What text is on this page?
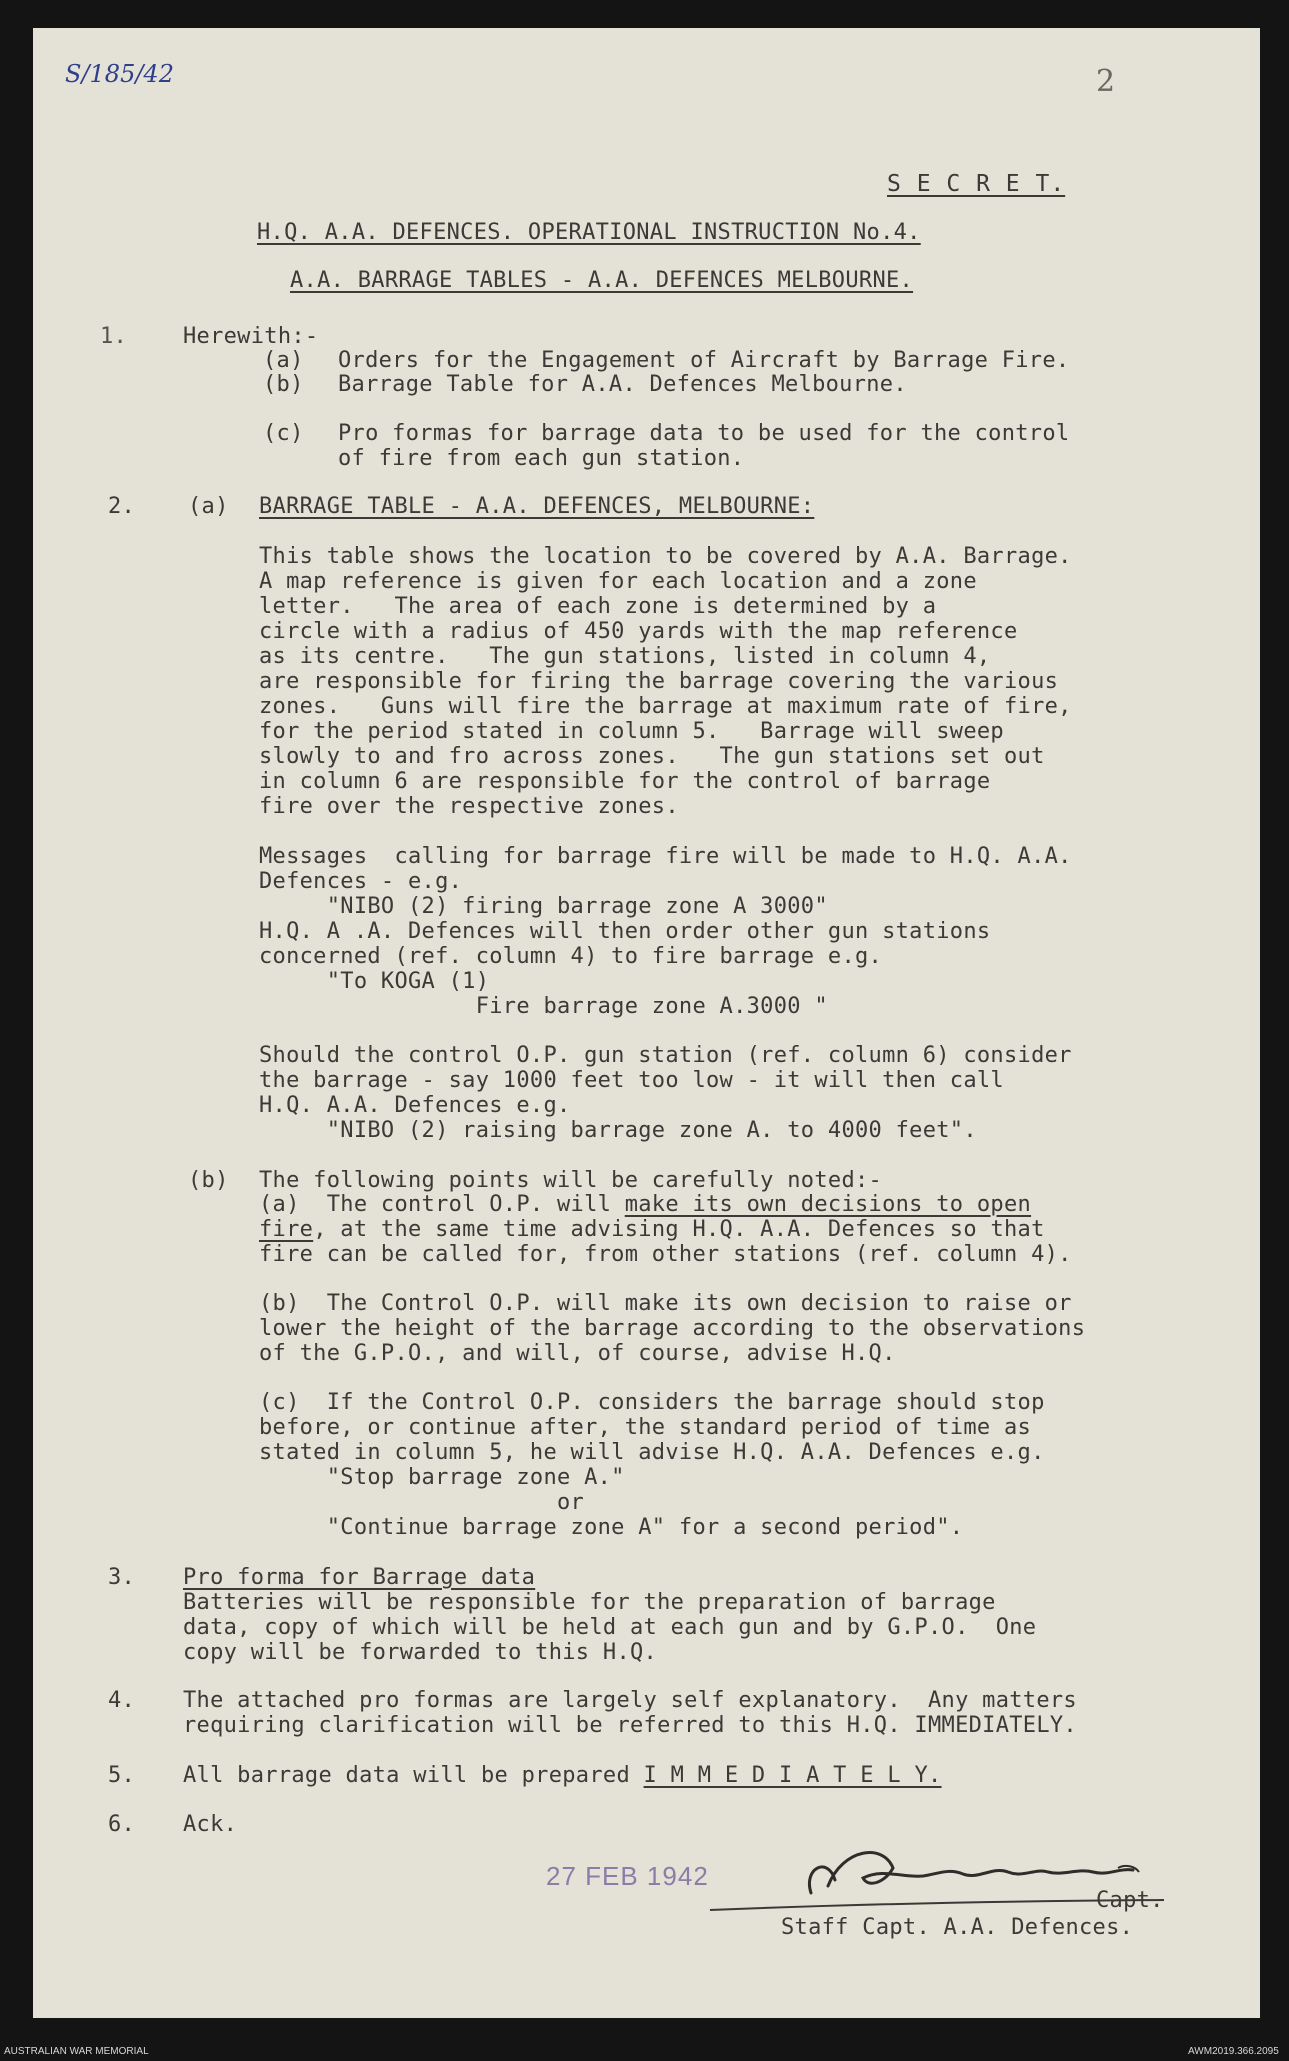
S/185/42	2
S E C R E T.
H.Q. A.A. DEFENCES. OPERATIONAL INSTRUCTION No.4.
A.A. BARRAGE TABLES - A.A. DEFENCES MELBOURNE.
1.	Herewith:-
(a) Orders for the Engagement of Aircraft by Barrage Fire.
(b) Barrage Table for A.A. Defences Melbourne.
(c) Pro formas for barrage data to be used for the control
of fire from each gun station.
2. (a) BARRAGE TABLE - A.A. DEFENCES, MELBOURNE:
This table shows the location to be covered by A.A. Barrage.
A map reference is given for each location and a zone
letter.   The area of each zone is determined by a
circle with a radius of 450 yards with the map reference
as its centre.   The gun stations, listed in column 4,
are responsible for firing the barrage covering the various
zones.   Guns will fire the barrage at maximum rate of fire,
for the period stated in column 5.   Barrage will sweep
slowly to and fro across zones.   The gun stations set out
in column 6 are responsible for the control of barrage
fire over the respective zones.
Messages  calling for barrage fire will be made to H.Q. A.A.
Defences - e.g.
"NIBO (2) firing barrage zone A 3000"
H.Q. A .A. Defences will then order other gun stations
concerned (ref. column 4) to fire barrage e.g.
"To KOGA (1)
Fire barrage zone A.3000 "
Should the control O.P. gun station (ref. column 6) consider
the barrage - say 1000 feet too low - it will then call
H.Q. A.A. Defences e.g.
"NIBO (2) raising barrage zone A. to 4000 feet".
(b) The following points will be carefully noted:-
(a)  The control O.P. will make its own decisions to open
fire, at the same time advising H.Q. A.A. Defences so that
fire can be called for, from other stations (ref. column 4).
(b)  The Control O.P. will make its own decision to raise or
lower the height of the barrage according to the observations
of the G.P.O., and will, of course, advise H.Q.
(c)  If the Control O.P. considers the barrage should stop
before, or continue after, the standard period of time as
stated in column 5, he will advise H.Q. A.A. Defences e.g.
"Stop barrage zone A."
or
"Continue barrage zone A" for a second period".
3. Pro forma for Barrage data
Batteries will be responsible for the preparation of barrage
data, copy of which will be held at each gun and by G.P.O.  One
copy will be forwarded to this H.Q.
4. The attached pro formas are largely self explanatory.  Any matters
requiring clarification will be referred to this H.Q. IMMEDIATELY.
5. All barrage data will be prepared I M M E D I A T E L Y.
6. Ack.
27 FEB 1942
Capt.
Staff Capt. A.A. Defences.
AUSTRALIAN WAR MEMORIAL	AWM2019.366.2095
